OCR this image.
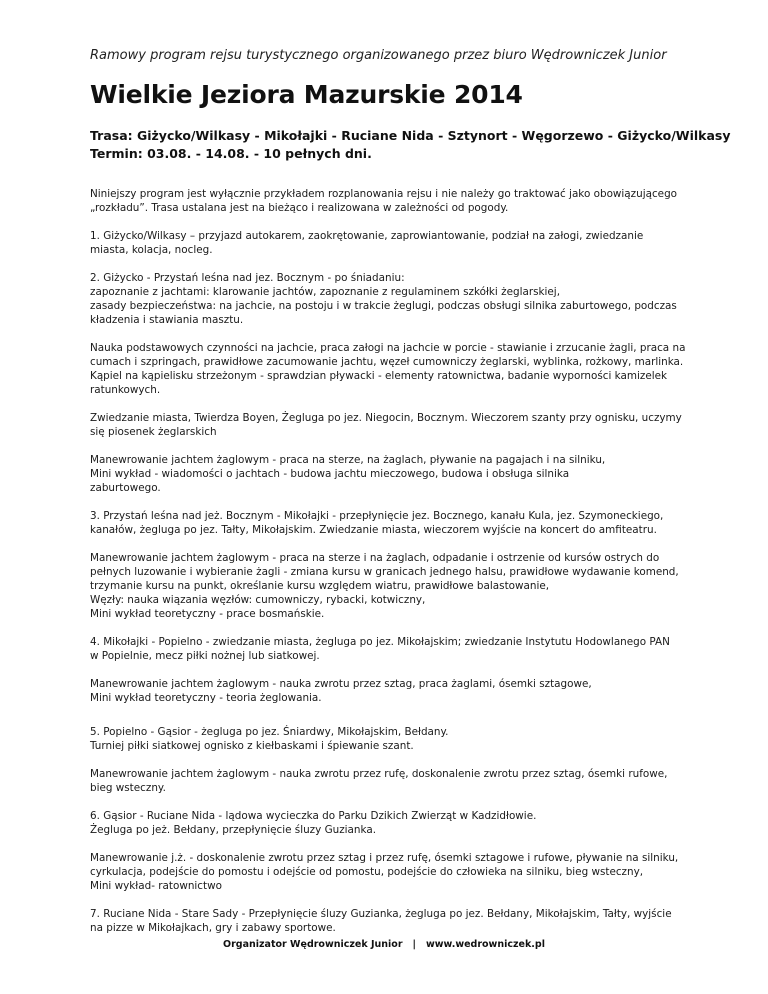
Ramowy program rejsu turystycznego organizowanego przez biuro Wędrowniczek Junior

Wielkie Jeziora Mazurskie 2014

Trasa: Giżycko/Wilkasy - Mikołajki - Ruciane Nida - Sztynort - Węgorzewo - Giżycko/Wilkasy

Termin: 03.08. - 14.08. - 10 pełnych dni.

Niniejszy program jest wyłącznie przykładem rozplanowania rejsu i nie należy go traktować jako obowiązującego
„rozkładu”. Trasa ustalana jest na bieżąco i realizowana w zależności od pogody.

1. Giżycko/Wilkasy – przyjazd autokarem, zaokrętowanie, zaprowiantowanie, podział na załogi, zwiedzanie
miasta, kolacja, nocleg.

2. Giżycko - Przystań leśna nad jez. Bocznym - po śniadaniu:
zapoznanie z jachtami: klarowanie jachtów, zapoznanie z regulaminem szkółki żeglarskiej,
zasady bezpieczeństwa: na jachcie, na postoju i w trakcie żeglugi, podczas obsługi silnika zaburtowego, podczas
kładzenia i stawiania masztu.

Nauka podstawowych czynności na jachcie, praca załogi na jachcie w porcie - stawianie i zrzucanie żagli, praca na
cumach i szpringach, prawidłowe zacumowanie jachtu, węzeł cumowniczy żeglarski, wyblinka, rożkowy, marlinka.
Kąpiel na kąpielisku strzeżonym - sprawdzian pływacki - elementy ratownictwa, badanie wyporności kamizelek
ratunkowych.

Zwiedzanie miasta, Twierdza Boyen, Żegluga po jez. Niegocin, Bocznym. Wieczorem szanty przy ognisku, uczymy
się piosenek żeglarskich

Manewrowanie jachtem żaglowym - praca na sterze, na żaglach, pływanie na pagajach i na silniku,
Mini wykład - wiadomości o jachtach - budowa jachtu mieczowego, budowa i obsługa silnika
zaburtowego.

3. Przystań leśna nad jeż. Bocznym - Mikołajki - przepłynięcie jez. Bocznego, kanału Kula, jez. Szymoneckiego,
kanałów, żegluga po jez. Tałty, Mikołajskim. Zwiedzanie miasta, wieczorem wyjście na koncert do amfiteatru.

Manewrowanie jachtem żaglowym - praca na sterze i na żaglach, odpadanie i ostrzenie od kursów ostrych do
pełnych luzowanie i wybieranie żagli - zmiana kursu w granicach jednego halsu, prawidłowe wydawanie komend,
trzymanie kursu na punkt, określanie kursu względem wiatru, prawidłowe balastowanie,
Węzły: nauka wiązania węzłów: cumowniczy, rybacki, kotwiczny,
Mini wykład teoretyczny - prace bosmańskie.

4. Mikołajki - Popielno - zwiedzanie miasta, żegluga po jez. Mikołajskim; zwiedzanie Instytutu Hodowlanego PAN
w Popielnie, mecz piłki nożnej lub siatkowej.

Manewrowanie jachtem żaglowym - nauka zwrotu przez sztag, praca żaglami, ósemki sztagowe,
Mini wykład teoretyczny - teoria żeglowania.

5. Popielno - Gąsior - żegluga po jez. Śniardwy, Mikołajskim, Bełdany.
Turniej piłki siatkowej ognisko z kiełbaskami i śpiewanie szant.

Manewrowanie jachtem żaglowym - nauka zwrotu przez rufę, doskonalenie zwrotu przez sztag, ósemki rufowe,
bieg wsteczny.

6. Gąsior - Ruciane Nida - lądowa wycieczka do Parku Dzikich Zwierząt w Kadzidłowie.
Żegluga po jeż. Bełdany, przepłynięcie śluzy Guzianka.

Manewrowanie j.ż. - doskonalenie zwrotu przez sztag i przez rufę, ósemki sztagowe i rufowe, pływanie na silniku,
cyrkulacja, podejście do pomostu i odejście od pomostu, podejście do człowieka na silniku, bieg wsteczny,
Mini wykład- ratownictwo

7. Ruciane Nida - Stare Sady - Przepłynięcie śluzy Guzianka, żegluga po jez. Bełdany, Mikołajskim, Tałty, wyjście
na pizze w Mikołajkach, gry i zabawy sportowe.

Organizator Wędrowniczek Junior | www.wedrowniczek.pl
